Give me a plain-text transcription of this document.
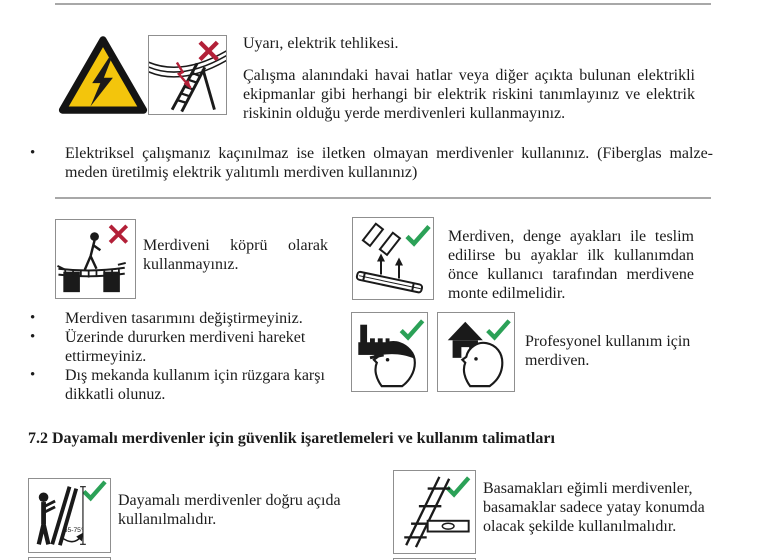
Uyarı, elektrik tehlikesi.
Çalışma alanındaki havai hatlar veya diğer açıkta bulunan elektrikli ekipmanlar gibi herhangi bir elektrik riskini tanımlayınız ve elektrik riskinin olduğu yerde merdivenleri kullanmayınız.
•	Elektriksel çalışmanız kaçınılmaz ise iletken olmayan merdivenler kullanınız. (Fiberglas malzemeden üretilmiş elektrik yalıtımlı merdiven kullanınız)
Merdiveni köprü olarak kullanmayınız.
Merdiven, denge ayakları ile teslim edilirse bu ayaklar ilk kullanımdan önce kullanıcı tarafından merdivene monte edilmelidir.
•	Merdiven tasarımını değiştirmeyiniz.
•	Üzerinde dururken merdiveni hareket ettirmeyiniz.
•	Dış mekanda kullanım için rüzgara karşı dikkatli olunuz.
Profesyonel kullanım için merdiven.
7.2 Dayamalı merdivenler için güvenlik işaretlemeleri ve kullanım talimatları
65-75°
Dayamalı merdivenler doğru açıda kullanılmalıdır.
Basamakları eğimli merdivenler, basamaklar sadece yatay konumda olacak şekilde kullanılmalıdır.
